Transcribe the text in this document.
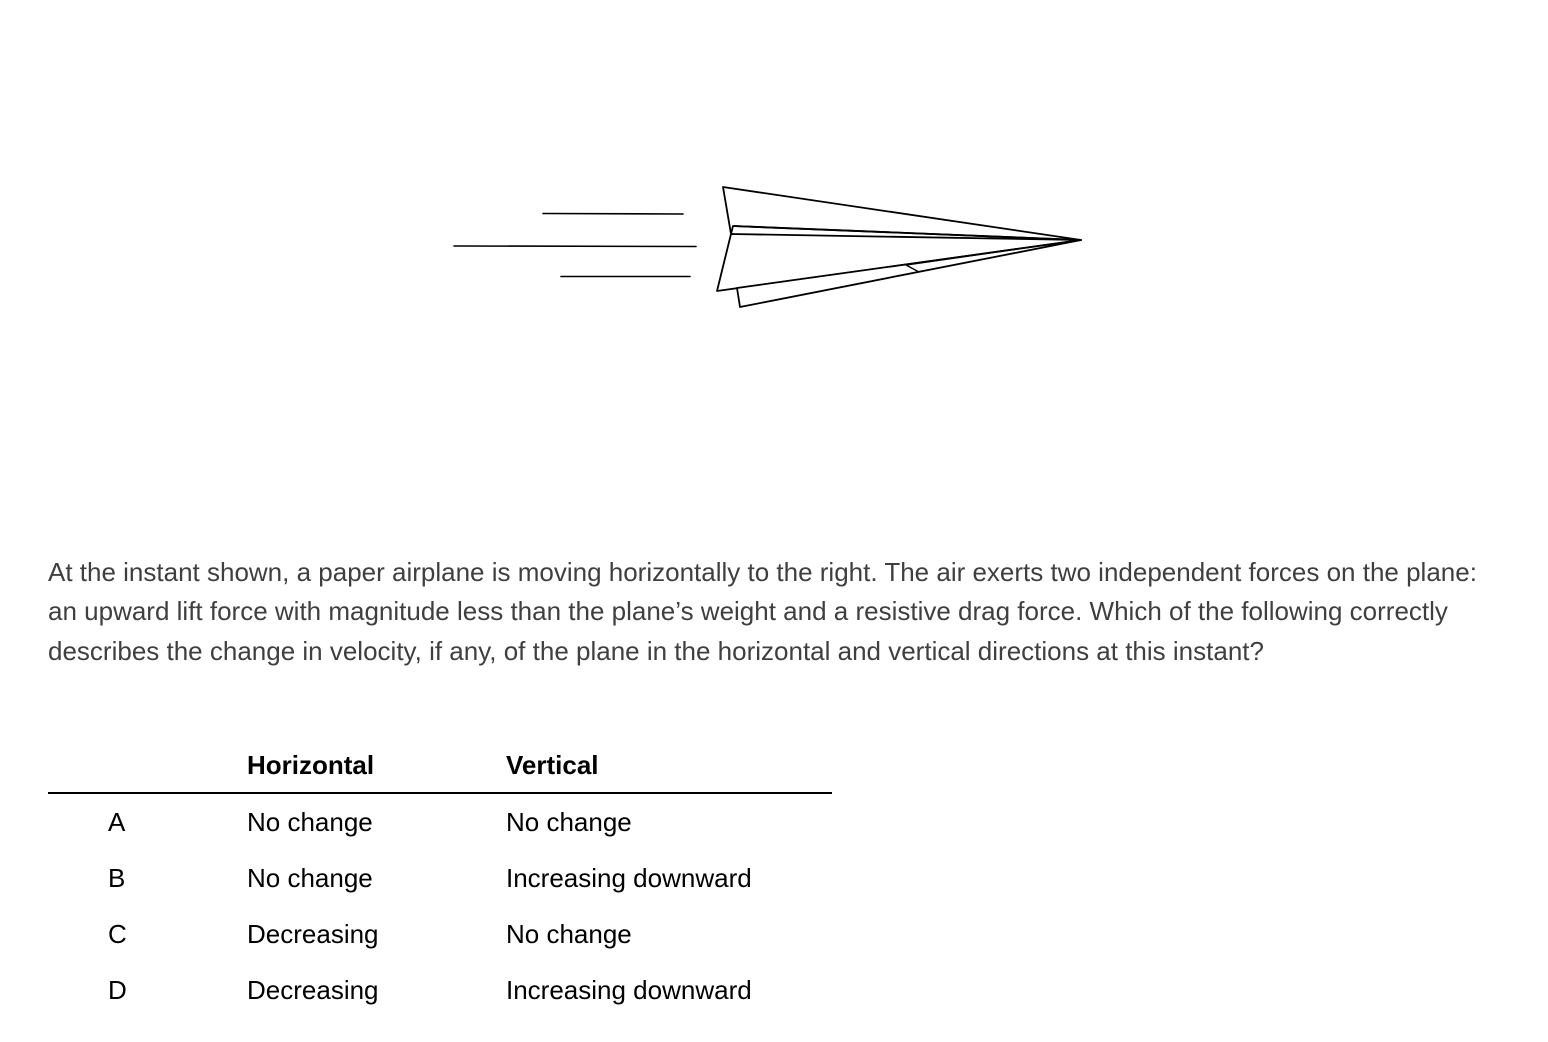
At the instant shown, a paper airplane is moving horizontally to the right. The air exerts two independent forces on the plane: an upward lift force with magnitude less than the plane’s weight and a resistive drag force. Which of the following correctly describes the change in velocity, if any, of the plane in the horizontal and vertical directions at this instant?

	Horizontal	Vertical
A	No change	No change
B	No change	Increasing downward
C	Decreasing	No change
D	Decreasing	Increasing downward
